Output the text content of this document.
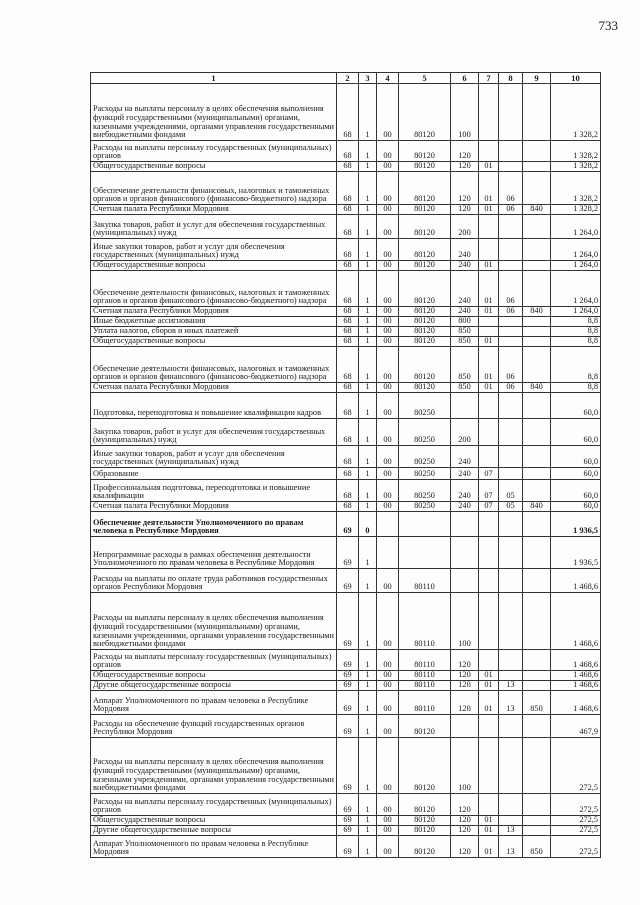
733
1	2	3	4	5	6	7	8	9	10
Расходы на выплаты персоналу в целях обеспечения выполнения функций государственными (муниципальными) органами, казенными учреждениями, органами управления государственными внебюджетными фондами	68	1	00	80120	100				1 328,2
Расходы на выплаты персоналу государственных (муниципальных) органов	68	1	00	80120	120				1 328,2
Общегосударственные вопросы	68	1	00	80120	120	01			1 328,2
Обеспечение деятельности финансовых, налоговых и таможенных органов и органов финансового (финансово-бюджетного) надзора	68	1	00	80120	120	01	06		1 328,2
Счетная палата Республики Мордовия	68	1	00	80120	120	01	06	840	1 328,2
Закупка товаров, работ и услуг для обеспечения государственных (муниципальных) нужд	68	1	00	80120	200				1 264,0
Иные закупки товаров, работ и услуг для обеспечения государственных (муниципальных) нужд	68	1	00	80120	240				1 264,0
Общегосударственные вопросы	68	1	00	80120	240	01			1 264,0
Обеспечение деятельности финансовых, налоговых и таможенных органов и органов финансового (финансово-бюджетного) надзора	68	1	00	80120	240	01	06		1 264,0
Счетная палата Республики Мордовия	68	1	00	80120	240	01	06	840	1 264,0
Иные бюджетные ассигнования	68	1	00	80120	800				8,8
Уплата налогов, сборов и иных платежей	68	1	00	80120	850				8,8
Общегосударственные вопросы	68	1	00	80120	850	01			8,8
Обеспечение деятельности финансовых, налоговых и таможенных органов и органов финансового (финансово-бюджетного) надзора	68	1	00	80120	850	01	06		8,8
Счетная палата Республики Мордовия	68	1	00	80120	850	01	06	840	8,8
Подготовка, переподготовка и повышение квалификации кадров	68	1	00	80250					60,0
Закупка товаров, работ и услуг для обеспечения государственных (муниципальных) нужд	68	1	00	80250	200				60,0
Иные закупки товаров, работ и услуг для обеспечения государственных (муниципальных) нужд	68	1	00	80250	240				60,0
Образование	68	1	00	80250	240	07			60,0
Профессиональная подготовка, переподготовка и повышение квалификации	68	1	00	80250	240	07	05		60,0
Счетная палата Республики Мордовия	68	1	00	80250	240	07	05	840	60,0
Обеспечение деятельности Уполномоченного по правам человека в Республике Мордовия	69	0							1 936,5
Непрограммные расходы в рамках обеспечения деятельности Уполномоченного по правам человека в Республике Мордовия	69	1							1 936,5
Расходы на выплаты по оплате труда работников государственных органов Республики Мордовия	69	1	00	80110					1 468,6
Расходы на выплаты персоналу в целях обеспечения выполнения функций государственными (муниципальными) органами, казенными учреждениями, органами управления государственными внебюджетными фондами	69	1	00	80110	100				1 468,6
Расходы на выплаты персоналу государственных (муниципальных) органов	69	1	00	80110	120				1 468,6
Общегосударственные вопросы	69	1	00	80110	120	01			1 468,6
Другие общегосударственные вопросы	69	1	00	80110	120	01	13		1 468,6
Аппарат Уполномоченного по правам человека в Республике Мордовия	69	1	00	80110	120	01	13	850	1 468,6
Расходы на обеспечение функций государственных органов Республики Мордовия	69	1	00	80120					467,9
Расходы на выплаты персоналу в целях обеспечения выполнения функций государственными (муниципальными) органами, казенными учреждениями, органами управления государственными внебюджетными фондами	69	1	00	80120	100				272,5
Расходы на выплаты персоналу государственных (муниципальных) органов	69	1	00	80120	120				272,5
Общегосударственные вопросы	69	1	00	80120	120	01			272,5
Другие общегосударственные вопросы	69	1	00	80120	120	01	13		272,5
Аппарат Уполномоченного по правам человека в Республике Мордовия	69	1	00	80120	120	01	13	850	272,5
